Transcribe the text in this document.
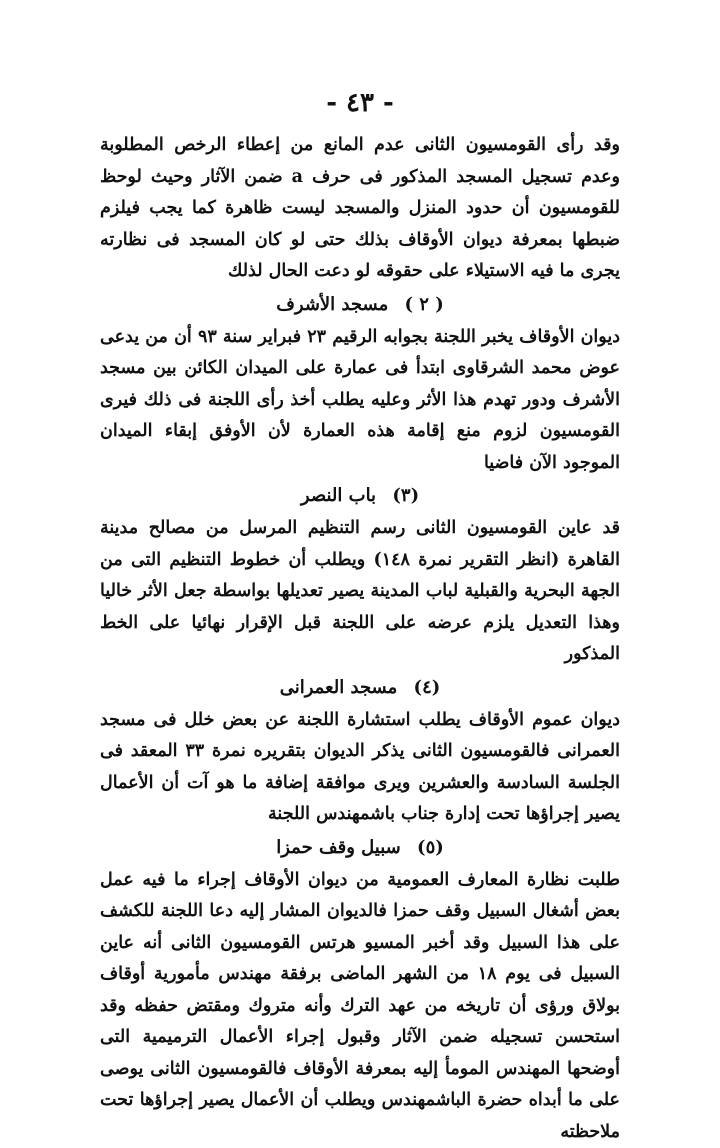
- ٤٣ -

وقد رأى القومسيون الثانى عدم المانع من إعطاء الرخص المطلوبة وعدم تسجيل المسجد المذكور فى حرف a ضمن الآثار وحيث لوحظ للقومسيون أن حدود المنزل والمسجد ليست ظاهرة كما يجب فيلزم ضبطها بمعرفة ديوان الأوقاف بذلك حتى لو كان المسجد فى نظارته يجرى ما فيه الاستيلاء على حقوقه لو دعت الحال لذلك

( ٢ ) مسجد الأشرف

ديوان الأوقاف يخبر اللجنة بجوابه الرقيم ٢٣ فبراير سنة ٩٣ أن من يدعى عوض محمد الشرقاوى ابتدأ فى عمارة على الميدان الكائن بين مسجد الأشرف ودور تهدم هذا الأثر وعليه يطلب أخذ رأى اللجنة فى ذلك فيرى القومسيون لزوم منع إقامة هذه العمارة لأن الأوفق إبقاء الميدان الموجود الآن فاضيا

(٣) باب النصر

قد عاين القومسيون الثانى رسم التنظيم المرسل من مصالح مدينة القاهرة (انظر التقرير نمرة ١٤٨) ويطلب أن خطوط التنظيم التى من الجهة البحرية والقبلية لباب المدينة يصير تعديلها بواسطة جعل الأثر خاليا وهذا التعديل يلزم عرضه على اللجنة قبل الإقرار نهائيا على الخط المذكور

(٤) مسجد العمرانى

ديوان عموم الأوقاف يطلب استشارة اللجنة عن بعض خلل فى مسجد العمرانى فالقومسيون الثانى يذكر الديوان بتقريره نمرة ٣٣ المعقد فى الجلسة السادسة والعشرين ويرى موافقة إضافة ما هو آت أن الأعمال يصير إجراؤها تحت إدارة جناب باشمهندس اللجنة

(٥) سبيل وقف حمزا

طلبت نظارة المعارف العمومية من ديوان الأوقاف إجراء ما فيه عمل بعض أشغال السبيل وقف حمزا فالديوان المشار إليه دعا اللجنة للكشف على هذا السبيل وقد أخبر المسيو هرتس القومسيون الثانى أنه عاين السبيل فى يوم ١٨ من الشهر الماضى برفقة مهندس مأمورية أوقاف بولاق ورؤى أن تاريخه من عهد الترك وأنه متروك ومقتض حفظه وقد استحسن تسجيله ضمن الآثار وقبول إجراء الأعمال الترميمية التى أوضحها المهندس المومأ إليه بمعرفة الأوقاف فالقومسيون الثانى يوصى على ما أبداه حضرة الباشمهندس ويطلب أن الأعمال يصير إجراؤها تحت ملاحظته
